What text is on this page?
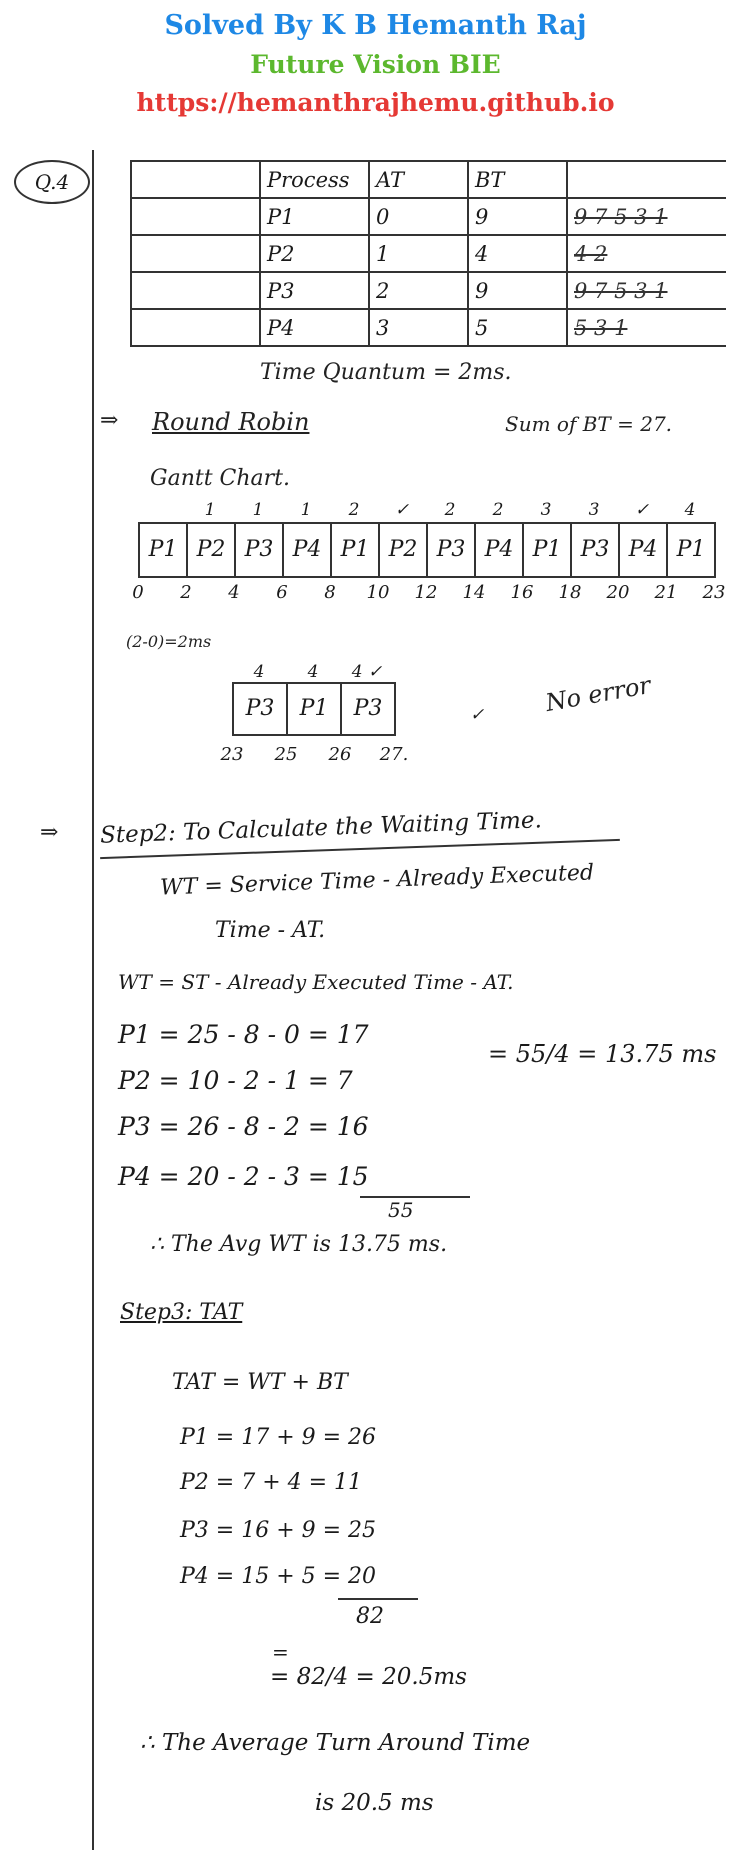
Solved By K B Hemanth Raj
Future Vision BIE
https://hemanthrajhemu.github.io
Q.4
		Process	AT	BT	
	P1	0	9	9 7 5 3 1
	P2	1	4	4 2
	P3	2	9	9 7 5 3 1
	P4	3	5	5 3 1
Time Quantum = 2ms.
⇒ Round Robin	Sum of BT = 27.
Gantt Chart.
P1 P2 P3 P4 P1 P2 P3 P4 P1 P3 P4 P1
0 2 4 6 8 10 12 14 16 18 20 21 23
1 1 1 2 ✓ 2 2 3 3 ✓ 4
(2-0)=2ms
P3	P1	P3
23 25 26 27.
4	4 4 ✓
✓ No error
⇒ Step2: To Calculate the Waiting Time.
WT = Service Time - Already Executed
Time - AT.
WT = ST - Already Executed Time - AT.
P1 = 25 - 8 - 0 = 17
P2 = 10 - 2 - 1 = 7
P3 = 26 - 8 - 2 = 16
P4 = 20 - 2 - 3 = 15
55
= 55/4 = 13.75 ms
∴ The Avg WT is 13.75 ms.
Step3: TAT
TAT = WT + BT
P1 = 17 + 9 = 26
P2 = 7 + 4 = 11
P3 = 16 + 9 = 25
P4 = 15 + 5 = 20
82
=
= 82/4 = 20.5ms
∴ The Average Turn Around Time
is 20.5 ms
